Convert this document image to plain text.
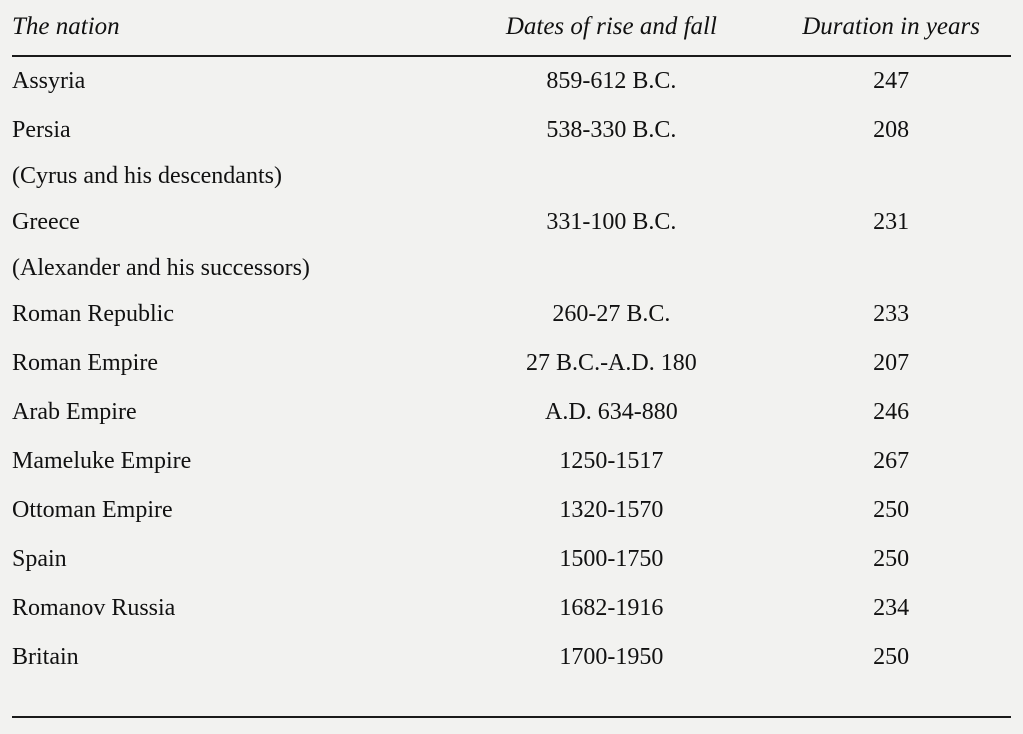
The nation	Dates of rise and fall	Duration in years
Assyria	859-612 B.C.	247
Persia	538-330 B.C.	208
(Cyrus and his descendants)		
Greece	331-100 B.C.	231
(Alexander and his successors)		
Roman Republic	260-27 B.C.	233
Roman Empire	27 B.C.-A.D. 180	207
Arab Empire	A.D. 634-880	246
Mameluke Empire	1250-1517	267
Ottoman Empire	1320-1570	250
Spain	1500-1750	250
Romanov Russia	1682-1916	234
Britain	1700-1950	250
